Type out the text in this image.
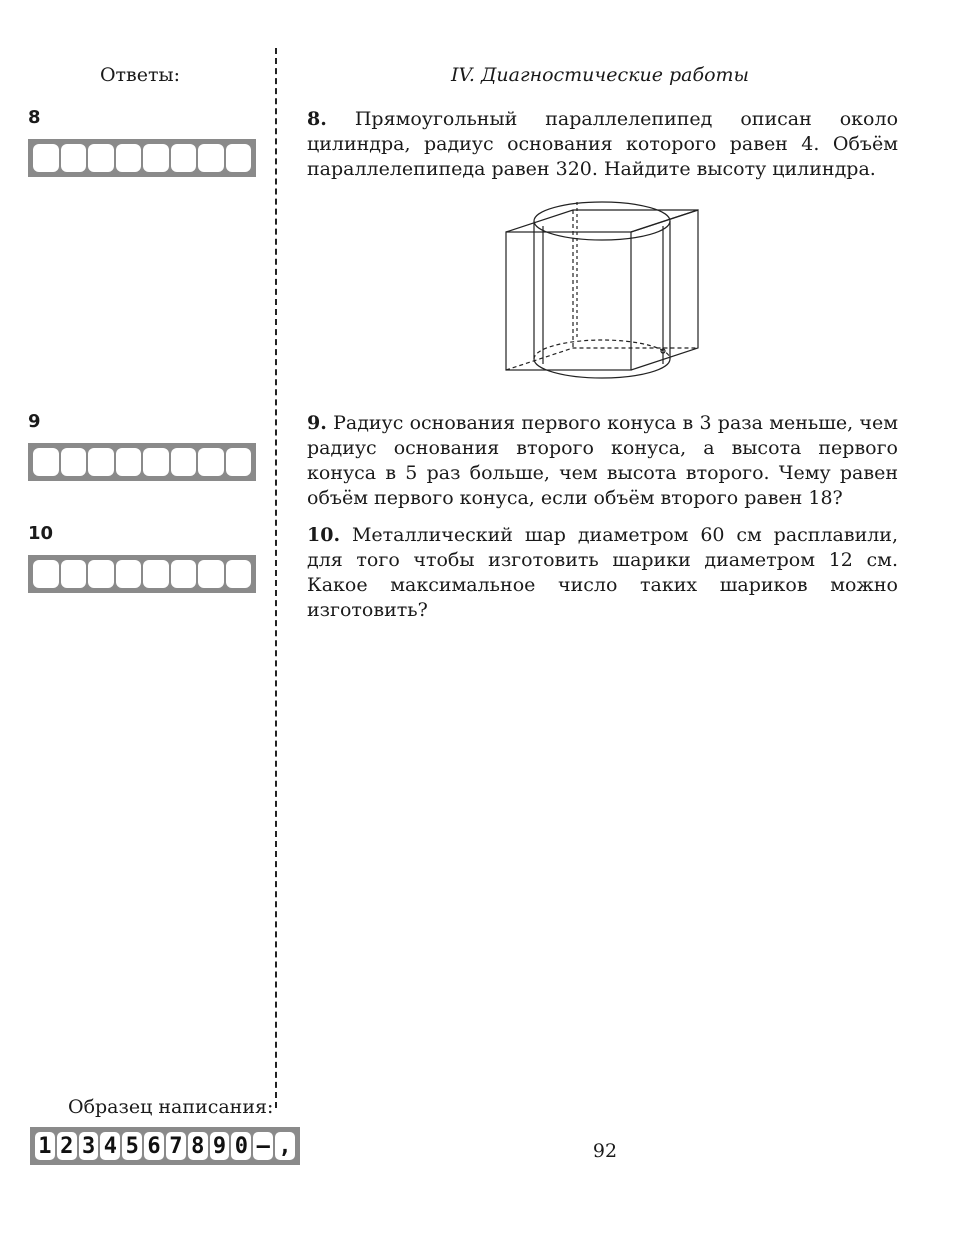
Ответы:	IV. Диагностические работы
8
9
10
8. Прямоугольный параллелепипед описан около цилиндра, радиус основания которого равен 4. Объём параллелепипеда равен 320. Найдите высоту цилиндра.
9. Радиус основания первого конуса в 3 раза меньше, чем радиус основания второго конуса, а высота первого конуса в 5 раз больше, чем высота второго. Чему равен объём первого конуса, если объём второго равен 18?
10. Металлический шар диаметром 60 см расплавили, для того чтобы изготовить шарики диаметром 12 см. Какое максимальное число таких шариков можно изготовить?
Образец написания:
1 2 3 4 5 6 7 8 9 0 – ,	92
